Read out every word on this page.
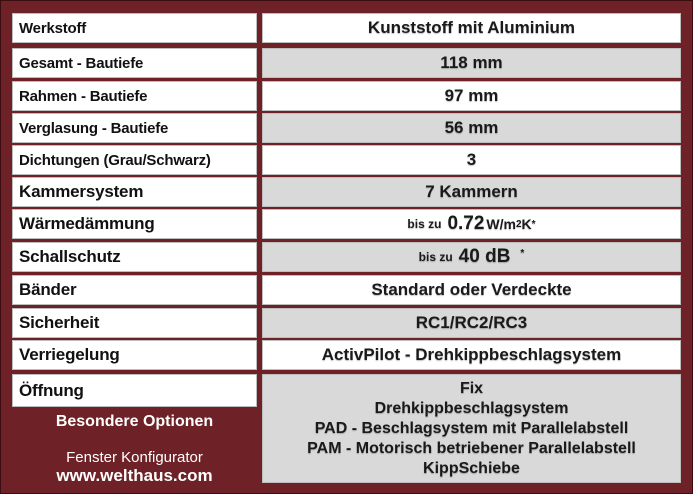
Werkstoff	Kunststoff mit Aluminium
Gesamt - Bautiefe	118 mm
Rahmen - Bautiefe	97 mm
Verglasung - Bautiefe	56 mm
Dichtungen (Grau/Schwarz)	3
Kammersystem	7 Kammern
Wärmedämmung	bis zu 0.72 W/m 2 K *
Schallschutz	bis zu 40 dB *
Bänder	Standard oder Verdeckte
Sicherheit	RC1/RC2/RC3
Verriegelung	ActivPilot - Drehkippbeschlagsystem
Öffnung	Fix
Drehkippbeschlagsystem
PAD - Beschlagsystem mit Parallelabstell
PAM - Motorisch betriebener Parallelabstell
KippSchiebe
Besondere Optionen
Fenster Konfigurator
www.welthaus.com
